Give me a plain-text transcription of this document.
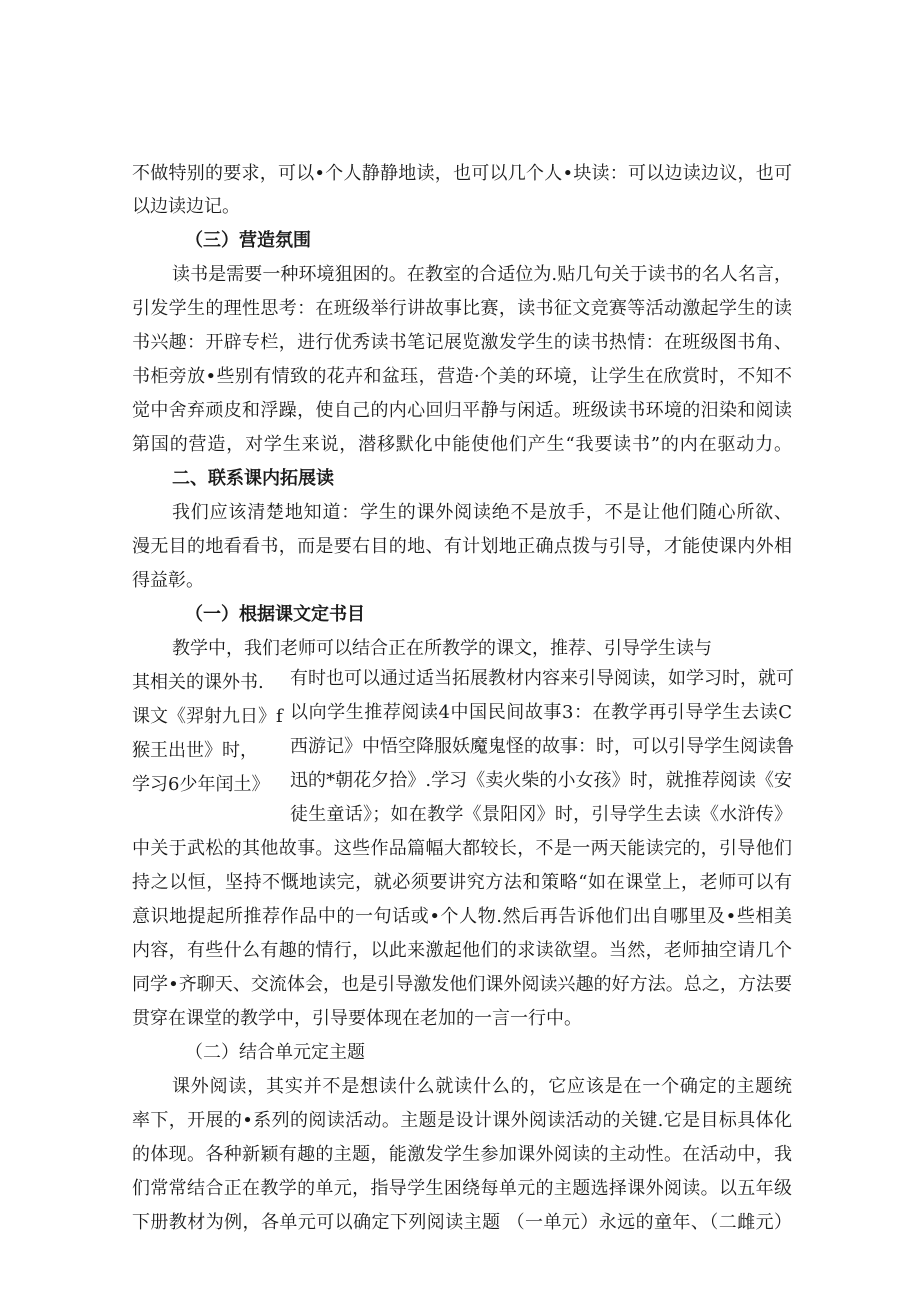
不做特别的要求，可以•个人静静地读，也可以几个人•块读：可以边读边议，也可
以边读边记。
（三）营造氛围
读书是需要一种环境狙困的。在教室的合适位为.贴几句关于读书的名人名言，
引发学生的理性思考：在班级举行讲故事比赛，读书征文竞赛等活动激起学生的读
书兴趣：开辟专栏，进行优秀读书笔记展览激发学生的读书热情：在班级图书角、
书柜旁放•些别有情致的花卉和盆珏，营造·个美的环境，让学生在欣赏时，不知不
觉中舍弃顽皮和浮躁，使自己的内心回归平静与闲适。班级读书环境的汨染和阅读
第国的营造，对学生来说，潜移默化中能使他们产生“我要读书”的内在驱动力。
二、联系课内拓展读
我们应该清楚地知道：学生的课外阅读绝不是放手，不是让他们随心所欲、
漫无目的地看看书，而是要右目的地、有计划地正确点拨与引导，才能使课内外相
得益彰。
（一）根据课文定书目
教学中，我们老师可以结合正在所教学的课文，推荐、引导学生读与
其相关的课外书.
课文《羿射九日》f
猴王出世》时，
学习6少年闰土》
有时也可以通过适当拓展教材内容来引导阅读，如学习时，就可
以向学生推荐阅读4中国民间故事3：在教学再引导学生去读C
西游记》中悟空降服妖魔鬼怪的故事：时，可以引导学生阅读鲁
迅的*朝花夕拾》.学习《卖火柴的小女孩》时，就推荐阅读《安
徒生童话》；如在教学《景阳冈》时，引导学生去读《水浒传》
中关于武松的其他故事。这些作品篇幅大都较长，不是一两天能读完的，引导他们
持之以恒，坚持不慨地读完，就必须要讲究方法和策略“如在课堂上，老师可以有
意识地提起所推荐作品中的一句话或•个人物.然后再告诉他们出自哪里及•些相美
内容，有些什么有趣的情行，以此来激起他们的求读欲望。当然，老师抽空请几个
同学•齐聊天、交流体会，也是引导激发他们课外阅读兴趣的好方法。总之，方法要
贯穿在课堂的教学中，引导要体现在老加的一言一行中。
（二）结合单元定主题
课外阅读，其实并不是想读什么就读什么的，它应该是在一个确定的主题统
率下，开展的•系列的阅读活动。主题是设计课外阅读活动的关键.它是目标具体化
的体现。各种新颖有趣的主题，能激发学生参加课外阅读的主动性。在活动中，我
们常常结合正在教学的单元，指导学生困绕每单元的主题选择课外阅读。以五年级
下册教材为例，各单元可以确定下列阅读主题 （一单元）永远的童年、（二雌元）
